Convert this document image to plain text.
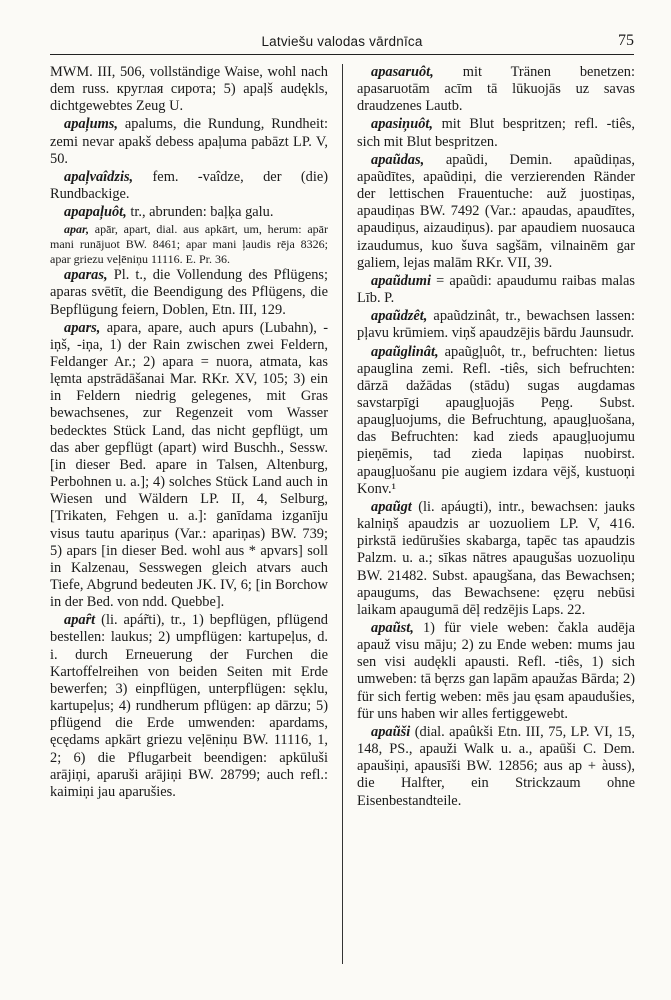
Latviešu valodas vārdnīca	75

MWM. III, 506, vollständige Waise, wohl nach dem russ. круглая сирота; 5) apaļš audękls, dichtgewebtes Zeug U.

apaļums, apalums, die Rundung, Rundheit: zemi nevar apakš debess apaļuma pabāzt LP. V, 50.

apaļvaîdzis, fem. -vaîdze, der (die) Rundbackige.

apapaļuôt, tr., abrunden: baļķa galu.

apar, apār, apart, dial. aus apkārt, um, herum: apār mani runājuot BW. 8461; apar mani ļaudis rēja 8326; apar griezu veļēniņu 11116. E. Pr. 36.

aparas, Pl. t., die Vollendung des Pflügens; aparas svētīt, die Beendigung des Pflügens, die Bepflügung feiern, Doblen, Etn. III, 129.

apars, apara, apare, auch apurs (Lubahn), -iņš, -iņa, 1) der Rain zwischen zwei Feldern, Feldanger Ar.; 2) apara = nuora, atmata, kas lęmta apstrādāšanai Mar. RKr. XV, 105; 3) ein in Feldern niedrig gelegenes, mit Gras bewachsenes, zur Regenzeit vom Wasser bedecktes Stück Land, das nicht gepflügt, um das aber gepflügt (apart) wird Buschh., Sessw. [in dieser Bed. apare in Talsen, Altenburg, Perbohnen u. a.]; 4) solches Stück Land auch in Wiesen und Wäldern LP. II, 4, Selburg, [Trikaten, Fehgen u. a.]: ganīdama izganīju visus tautu apariņus (Var.: apariņas) BW. 739; 5) apars [in dieser Bed. wohl aus * apvars] soll in Kalzenau, Sesswegen gleich atvars auch Tiefe, Abgrund bedeuten JK. IV, 6; [in Borchow in der Bed. von ndd. Quebbe].

apaȓt (li. apár̃ti), tr., 1) bepflügen, pflügend bestellen: laukus; 2) umpflügen: kartupeļus, d. i. durch Erneuerung der Furchen die Kartoffelreihen von beiden Seiten mit Erde bewerfen; 3) einpflügen, unterpflügen: sęklu, kartupeļus; 4) rundherum pflügen: ap dārzu; 5) pflügend die Erde umwenden: apardams, ęcędams apkārt griezu veļēniņu BW. 11116, 1, 2; 6) die Pflugarbeit beendigen: apkūluši arājiņi, aparuši arājiņi BW. 28799; auch refl.: kaimiņi jau aparušies.

apasaruôt, mit Tränen benetzen: apasaruotām acīm tā lūkuojās uz savas draudzenes Lautb.

apasiņuôt, mit Blut bespritzen; refl. -tiês, sich mit Blut bespritzen.

apaũdas, apaũdi, Demin. apaũdiņas, apaũdītes, apaũdiņi, die verzierenden Ränder der lettischen Frauentuche: auž juostiņas, apaudiņas BW. 7492 (Var.: apaudas, apaudītes, apaudiņus, aizaudiņus). par apaudiem nuosauca izaudumus, kuo šuva sagšām, vilnainēm gar galiem, lejas malām RKr. VII, 39.

apaũdumi = apaũdi: apaudumu raibas malas Līb. P.

apaũdzêt, apaũdzinât, tr., bewachsen lassen: pļavu krūmiem. viņš apaudzējis bārdu Jaunsudr.

apaũglinât, apaũgļuôt, tr., befruchten: lietus apauglina zemi. Refl. -tiês, sich befruchten: dārzā dažādas (stādu) sugas augdamas savstarpīgi apaugļuojās Peņg. Subst. apaugļuojums, die Befruchtung, apaugļuošana, das Befruchten: kad zieds apaugļuojumu pieņēmis, tad zieda lapiņas nuobirst. apaugļuošanu pie augiem izdara vējš, kustuoņi Konv.¹

apaũgt (li. apáugti), intr., bewachsen: jauks kalniņš apaudzis ar uozuoliem LP. V, 416. pirkstā iedūrušies skabarga, tapēc tas apaudzis Palzm. u. a.; sīkas nātres apaugušas uozuoliņu BW. 21482. Subst. apaugšana, das Bewachsen; apaugums, das Bewachsene: ęzęru nebūsi laikam apaugumā dēļ redzējis Laps. 22.

apaũst, 1) für viele weben: čakla audēja apauž visu māju; 2) zu Ende weben: mums jau sen visi audękli apausti. Refl. -tiês, 1) sich umweben: tā bęrzs gan lapām apaužas Bārda; 2) für sich fertig weben: mēs jau ęsam apaudušies, für uns haben wir alles fertiggewebt.

apaũši (dial. apaûkši Etn. III, 75, LP. VI, 15, 148, PS., apauži Walk u. a., apaūši C. Dem. apaušiņi, apausīši BW. 12856; aus ap + àuss), die Halfter, ein Strickzaum ohne Eisenbestandteile.
